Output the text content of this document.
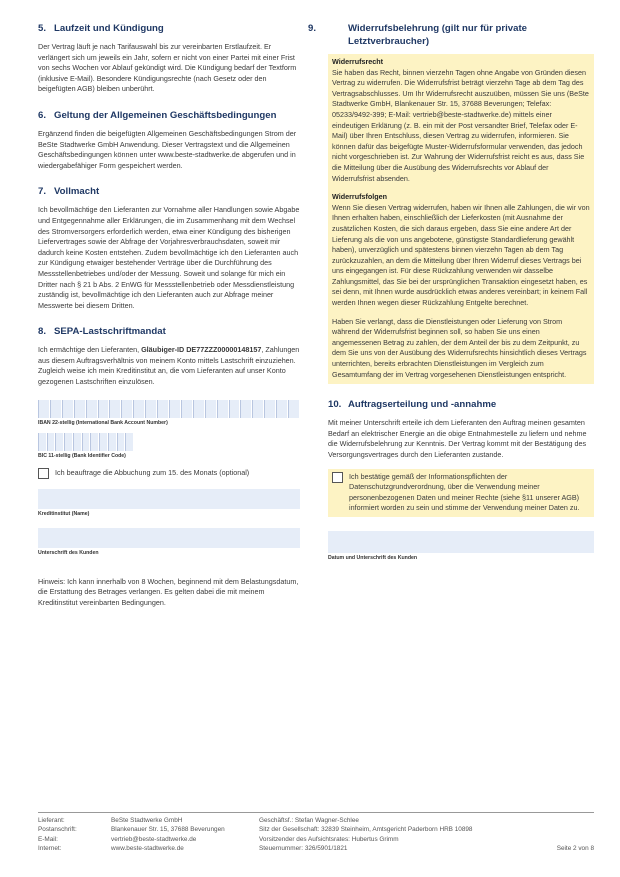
5. Laufzeit und Kündigung

Der Vertrag läuft je nach Tarifauswahl bis zur vereinbarten Erstlaufzeit. Er verlängert sich um jeweils ein Jahr, sofern er nicht von einer Partei mit einer Frist von sechs Wochen vor Ablauf gekündigt wird. Die Kündigung bedarf der Textform (inklusive E-Mail). Besondere Kündigungsrechte (nach Gesetz oder den beigefügten AGB) bleiben unberührt.

6. Geltung der Allgemeinen Geschäftsbedingungen

Ergänzend finden die beigefügten Allgemeinen Geschäftsbedingungen Strom der BeSte Stadtwerke GmbH Anwendung. Dieser Vertragstext und die Allgemeinen Geschäftsbedingungen können unter www.beste-stadtwerke.de abgerufen und in wiedergabefähiger Form gespeichert werden.

7. Vollmacht

Ich bevollmächtige den Lieferanten zur Vornahme aller Handlungen sowie Abgabe und Entgegennahme aller Erklärungen, die im Zusammenhang mit dem Wechsel des Stromversorgers erforderlich werden, etwa einer Kündigung des bisherigen Liefervertrages sowie der Abfrage der Vorjahresverbrauchsdaten, soweit mir dadurch keine Kosten entstehen. Zudem bevollmächtige ich den Lieferanten auch zur Kündigung etwaiger bestehender Verträge über die Durchführung des Messstellenbetriebes und/oder der Messung. Soweit und solange für mich ein Dritter nach § 21 b Abs. 2 EnWG für Messstellenbetrieb oder Messdienstleistung zuständig ist, bevollmächtige ich den Lieferanten auch zur Abfrage meiner Messwerte bei diesem Dritten.

8. SEPA-Lastschriftmandat

Ich ermächtige den Lieferanten, Gläubiger-ID DE77ZZZ00000148157, Zahlungen aus diesem Auftragsverhältnis von meinem Konto mittels Lastschrift einzuziehen. Zugleich weise ich mein Kreditinstitut an, die vom Lieferanten auf unser Konto gezogenen Lastschriften einzulösen.

IBAN 22-stellig (International Bank Account Number)
BIC 11-stellig (Bank Identifier Code)
Ich beauftrage die Abbuchung zum 15. des Monats (optional)
Kreditinstitut (Name)
Unterschrift des Kunden

Hinweis: Ich kann innerhalb von 8 Wochen, beginnend mit dem Belastungsdatum, die Erstattung des Betrages verlangen. Es gelten dabei die mit meinem Kreditinstitut vereinbarten Bedingungen.

9.	Widerrufsbelehrung (gilt nur für private Letztverbraucher)
Widerrufsrecht

Sie haben das Recht, binnen vierzehn Tagen ohne Angabe von Gründen diesen Vertrag zu widerrufen. Die Widerrufsfrist beträgt vierzehn Tage ab dem Tag des Vertragsabschlusses. Um Ihr Widerrufsrecht auszuüben, müssen Sie uns (BeSte Stadtwerke GmbH, Blankenauer Str. 15, 37688 Beverungen; Telefax: 05233/9492-399; E-Mail: vertrieb@beste-stadtwerke.de) mittels einer eindeutigen Erklärung (z. B. ein mit der Post versandter Brief, Telefax oder E-Mail) über Ihren Entschluss, diesen Vertrag zu widerrufen, informieren. Sie können dafür das beigefügte Muster-Widerrufsformular verwenden, das jedoch nicht vorgeschrieben ist. Zur Wahrung der Widerrufsfrist reicht es aus, dass Sie die Mitteilung über die Ausübung des Widerrufsrechts vor Ablauf der Widerrufsfrist absenden.

Widerrufsfolgen

Wenn Sie diesen Vertrag widerrufen, haben wir Ihnen alle Zahlungen, die wir von Ihnen erhalten haben, einschließlich der Lieferkosten (mit Ausnahme der zusätzlichen Kosten, die sich daraus ergeben, dass Sie eine andere Art der Lieferung als die von uns angebotene, günstigste Standardlieferung gewählt haben), unverzüglich und spätestens binnen vierzehn Tagen ab dem Tag zurückzuzahlen, an dem die Mitteilung über Ihren Widerruf dieses Vertrags bei uns eingegangen ist. Für diese Rückzahlung verwenden wir dasselbe Zahlungsmittel, das Sie bei der ursprünglichen Transaktion eingesetzt haben, es sei denn, mit Ihnen wurde ausdrücklich etwas anderes vereinbart; in keinem Fall werden Ihnen wegen dieser Rückzahlung Entgelte berechnet.

Haben Sie verlangt, dass die Dienstleistungen oder Lieferung von Strom während der Widerrufsfrist beginnen soll, so haben Sie uns einen angemessenen Betrag zu zahlen, der dem Anteil der bis zu dem Zeitpunkt, zu dem Sie uns von der Ausübung des Widerrufsrechts hinsichtlich dieses Vertrags unterrichten, bereits erbrachten Dienstleistungen im Vergleich zum Gesamtumfang der im Vertrag vorgesehenen Dienstleistungen entspricht.

10. Auftragserteilung und -annahme

Mit meiner Unterschrift erteile ich dem Lieferanten den Auftrag meinen gesamten Bedarf an elektrischer Energie an die obige Entnahmestelle zu liefern und nehme die Widerrufsbelehrung zur Kenntnis. Der Vertrag kommt mit der Bestätigung des Versorgungsvertrages durch den Lieferanten zustande.

Ich bestätige gemäß der Informationspflichten der Datenschutzgrundverordnung, über die Verwendung meiner personenbezogenen Daten und meiner Rechte (siehe §11 unserer AGB) informiert worden zu sein und stimme der Verwendung meiner Daten zu.

Datum und Unterschrift des Kunden
Lieferant:	BeSte Stadtwerke GmbH	Geschäftsf.: Stefan Wagner-Schlee
Postanschrift:	Blankenauer Str. 15, 37688 Beverungen	Sitz der Gesellschaft: 32839 Steinheim, Amtsgericht Paderborn HRB 10898
E-Mail:	vertrieb@beste-stadtwerke.de	Vorsitzender des Aufsichtsrates: Hubertus Grimm
Internet:	www.beste-stadtwerke.de	Steuernummer: 326/5901/1821	Seite 2 von 8
